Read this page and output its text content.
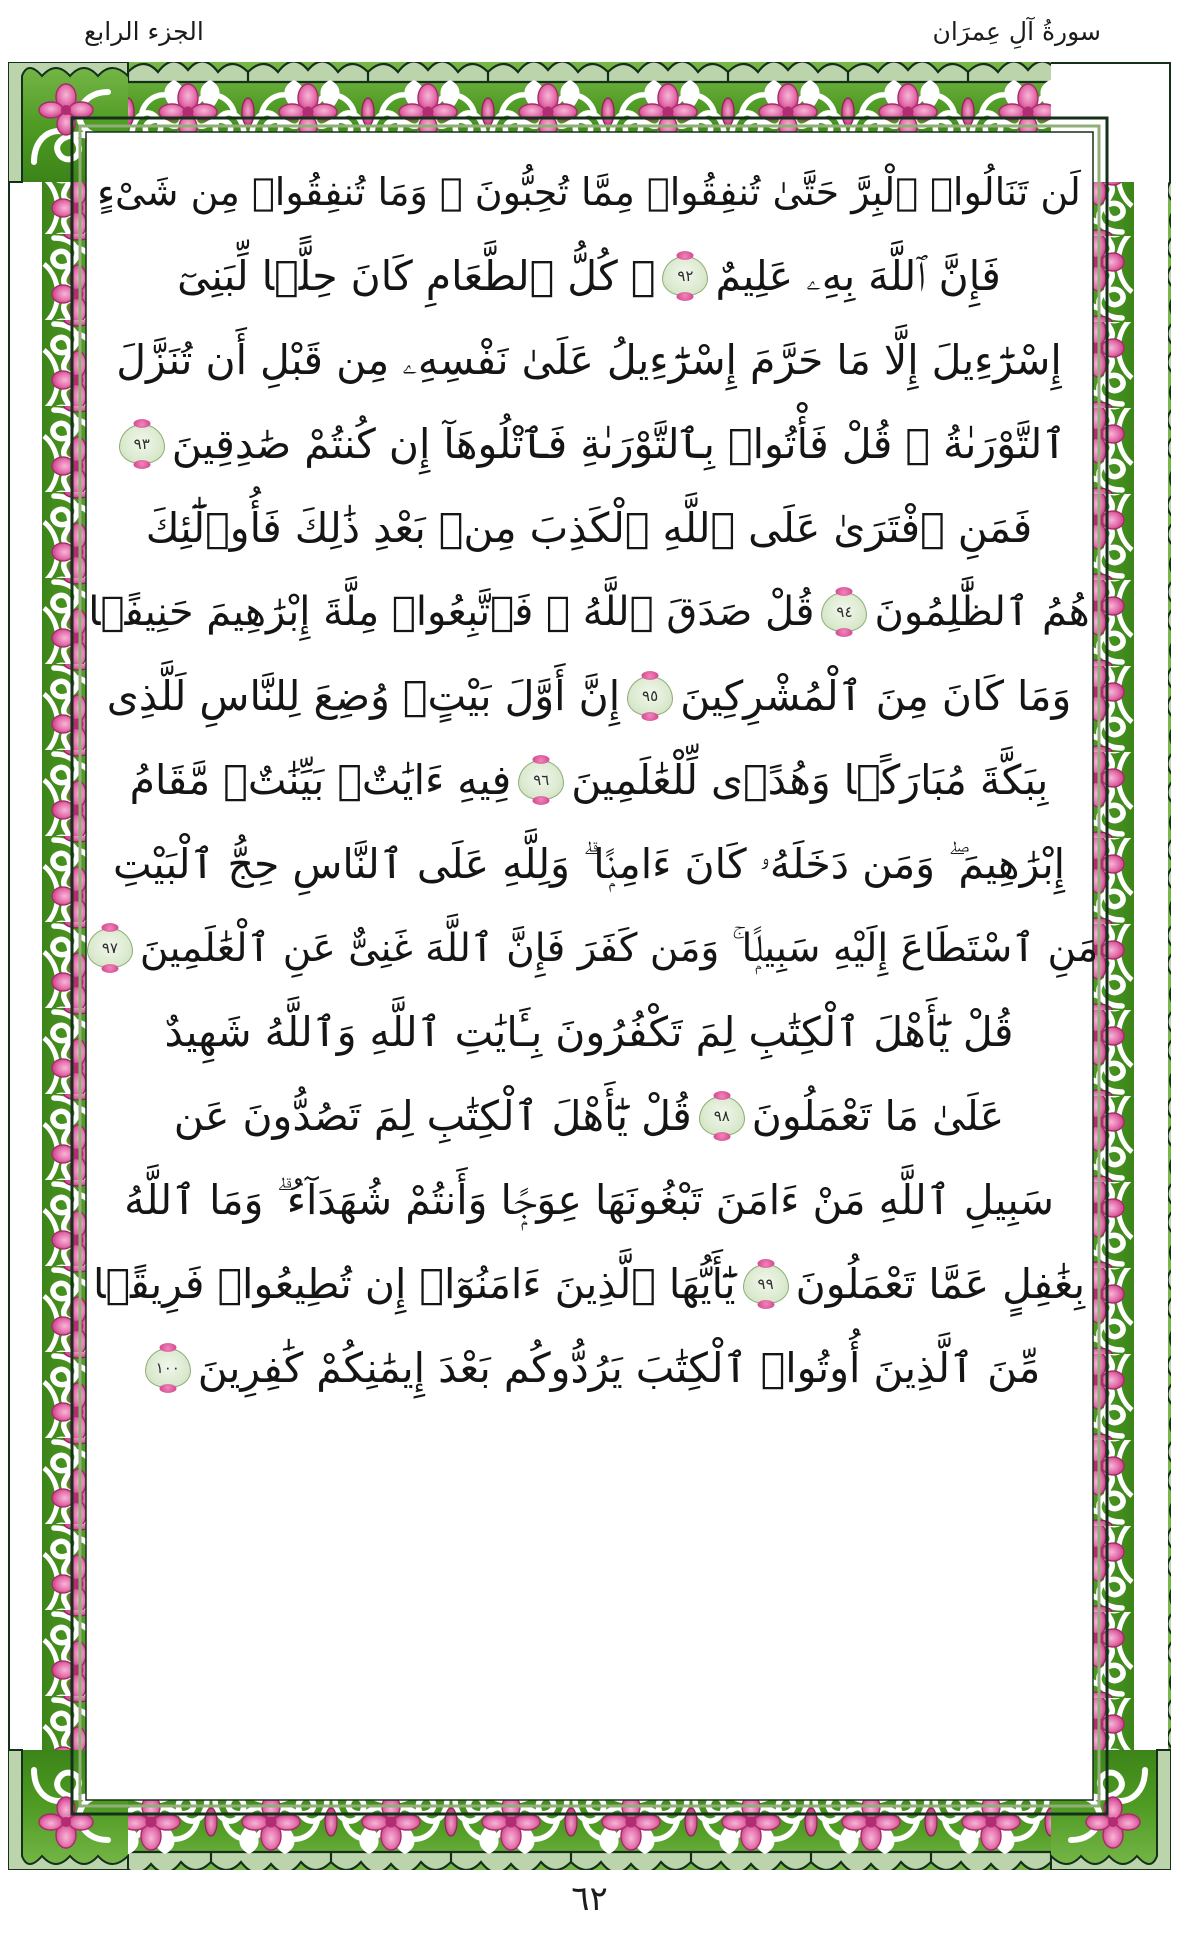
سورةُ آلِ عِمرَان
الجزء الرابع
لَن تَنَالُوا۟ ٱلْبِرَّ حَتَّىٰ تُنفِقُوا۟ مِمَّا تُحِبُّونَ ۚ وَمَا تُنفِقُوا۟ مِن شَىْءٍ
فَإِنَّ ٱللَّهَ بِهِۦ عَلِيمٌ
٩٢
۞ كُلُّ ٱلطَّعَامِ كَانَ حِلًّۭا لِّبَنِىٓ
إِسْرَٰٓءِيلَ إِلَّا مَا حَرَّمَ إِسْرَٰٓءِيلُ عَلَىٰ نَفْسِهِۦ مِن قَبْلِ أَن تُنَزَّلَ
ٱلتَّوْرَىٰةُ ۗ قُلْ فَأْتُوا۟ بِٱلتَّوْرَىٰةِ فَٱتْلُوهَآ إِن كُنتُمْ صَٰدِقِينَ
٩٣
فَمَنِ ٱفْتَرَىٰ عَلَى ٱللَّهِ ٱلْكَذِبَ مِنۢ بَعْدِ ذَٰلِكَ فَأُو۟لَٰٓئِكَ
هُمُ ٱلظَّٰلِمُونَ
٩٤
قُلْ صَدَقَ ٱللَّهُ ۗ فَٱتَّبِعُوا۟ مِلَّةَ إِبْرَٰهِيمَ حَنِيفًۭا
وَمَا كَانَ مِنَ ٱلْمُشْرِكِينَ
٩٥
إِنَّ أَوَّلَ بَيْتٍۢ وُضِعَ لِلنَّاسِ لَلَّذِى
بِبَكَّةَ مُبَارَكًۭا وَهُدًۭى لِّلْعَٰلَمِينَ
٩٦
فِيهِ ءَايَٰتٌۢ بَيِّنَٰتٌۭ مَّقَامُ
إِبْرَٰهِيمَ ۖ وَمَن دَخَلَهُۥ كَانَ ءَامِنًۭا ۗ وَلِلَّهِ عَلَى ٱلنَّاسِ حِجُّ ٱلْبَيْتِ
مَنِ ٱسْتَطَاعَ إِلَيْهِ سَبِيلًۭا ۚ وَمَن كَفَرَ فَإِنَّ ٱللَّهَ غَنِىٌّ عَنِ ٱلْعَٰلَمِينَ
٩٧
قُلْ يَٰٓأَهْلَ ٱلْكِتَٰبِ لِمَ تَكْفُرُونَ بِـَٔايَٰتِ ٱللَّهِ وَٱللَّهُ شَهِيدٌ
عَلَىٰ مَا تَعْمَلُونَ
٩٨
قُلْ يَٰٓأَهْلَ ٱلْكِتَٰبِ لِمَ تَصُدُّونَ عَن
سَبِيلِ ٱللَّهِ مَنْ ءَامَنَ تَبْغُونَهَا عِوَجًۭا وَأَنتُمْ شُهَدَآءُ ۗ وَمَا ٱللَّهُ
بِغَٰفِلٍ عَمَّا تَعْمَلُونَ
٩٩
يَٰٓأَيُّهَا ٱلَّذِينَ ءَامَنُوٓا۟ إِن تُطِيعُوا۟ فَرِيقًۭا
مِّنَ ٱلَّذِينَ أُوتُوا۟ ٱلْكِتَٰبَ يَرُدُّوكُم بَعْدَ إِيمَٰنِكُمْ كَٰفِرِينَ
١٠٠
٦٢
